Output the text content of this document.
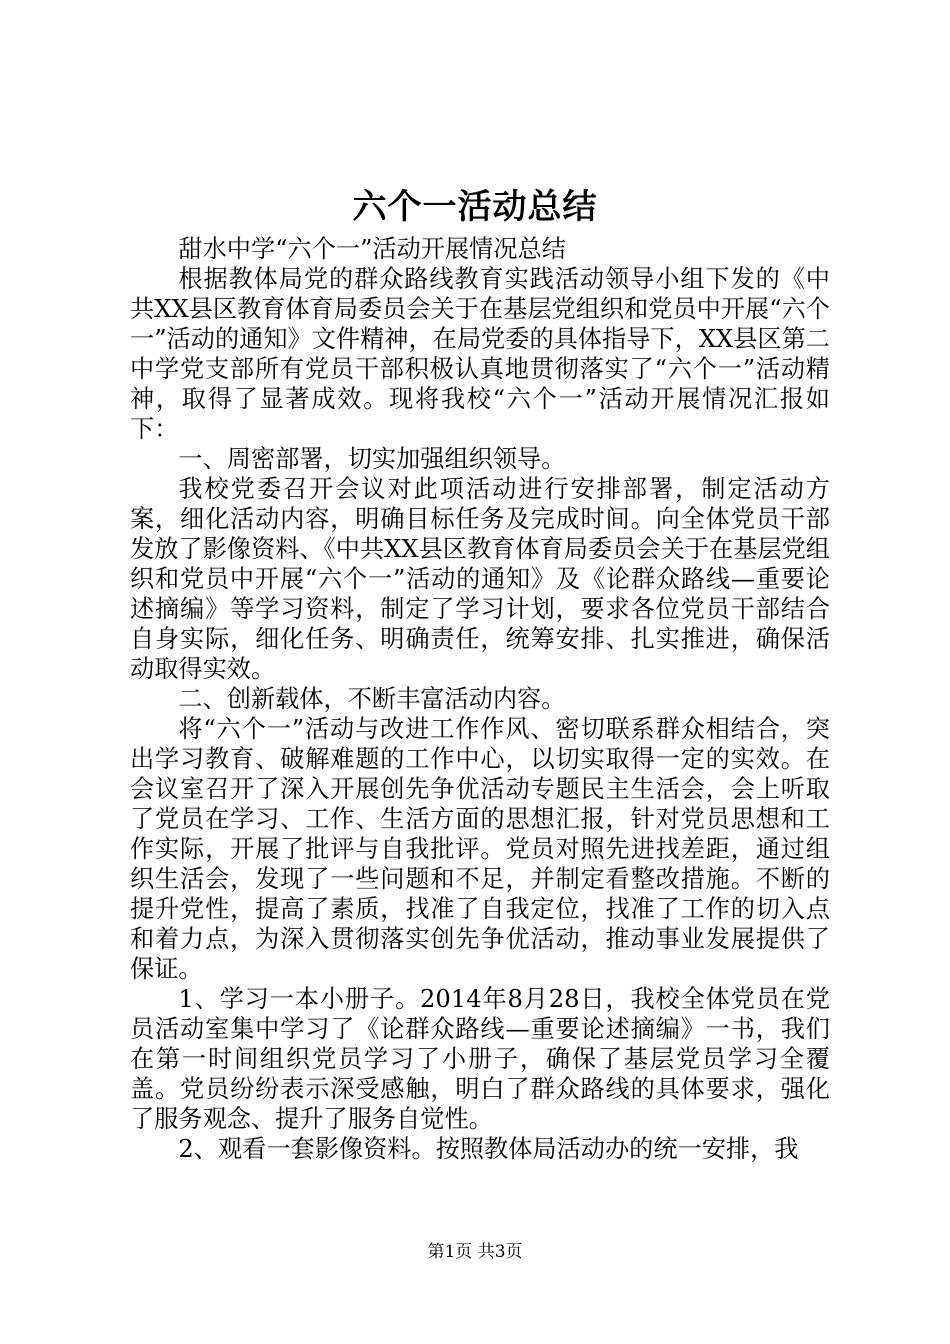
六个一活动总结

甜水中学“六个一”活动开展情况总结

根据教体局党的群众路线教育实践活动领导小组下发的《中共XX县区教育体育局委员会关于在基层党组织和党员中开展“六个一”活动的通知》文件精神，在局党委的具体指导下，XX县区第二中学党支部所有党员干部积极认真地贯彻落实了“六个一”活动精神，取得了显著成效。现将我校“六个一”活动开展情况汇报如下：

一、周密部署，切实加强组织领导。

我校党委召开会议对此项活动进行安排部署，制定活动方案，细化活动内容，明确目标任务及完成时间。向全体党员干部发放了影像资料、《中共XX县区教育体育局委员会关于在基层党组织和党员中开展“六个一”活动的通知》及《论群众路线—重要论述摘编》等学习资料，制定了学习计划，要求各位党员干部结合自身实际，细化任务、明确责任，统筹安排、扎实推进，确保活动取得实效。

二、创新载体，不断丰富活动内容。

将“六个一”活动与改进工作作风、密切联系群众相结合，突出学习教育、破解难题的工作中心，以切实取得一定的实效。在会议室召开了深入开展创先争优活动专题民主生活会，会上听取了党员在学习、工作、生活方面的思想汇报，针对党员思想和工作实际，开展了批评与自我批评。党员对照先进找差距，通过组织生活会，发现了一些问题和不足，并制定看整改措施。不断的提升党性，提高了素质，找准了自我定位，找准了工作的切入点和着力点，为深入贯彻落实创先争优活动，推动事业发展提供了保证。

1、学习一本小册子。2014年8月28日，我校全体党员在党员活动室集中学习了《论群众路线—重要论述摘编》一书，我们在第一时间组织党员学习了小册子，确保了基层党员学习全覆盖。党员纷纷表示深受感触，明白了群众路线的具体要求，强化了服务观念、提升了服务自觉性。

2、观看一套影像资料。按照教体局活动办的统一安排，我

第1页 共3页
